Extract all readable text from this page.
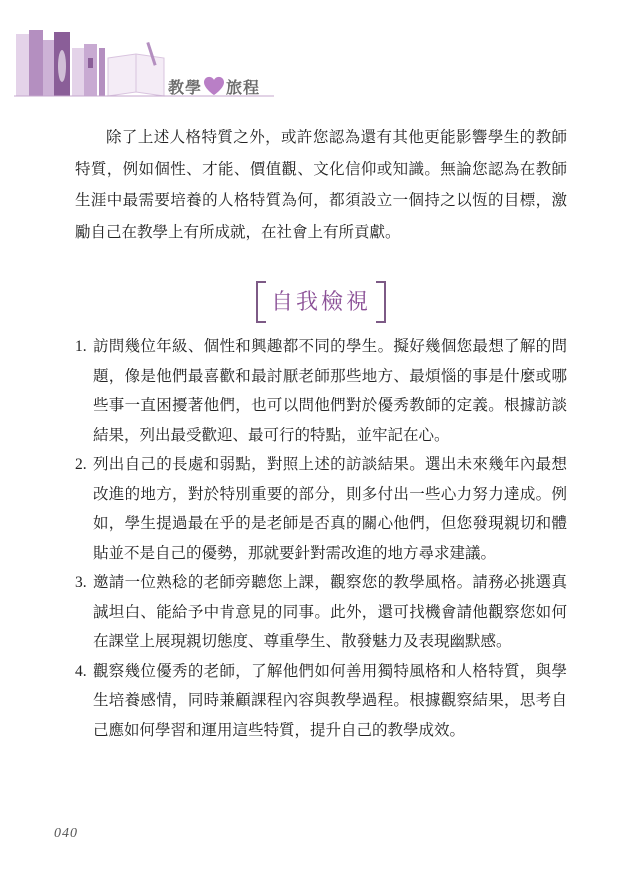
教學 旅程

除了上述人格特質之外，或許您認為還有其他更能影響學生的教師特質，例如個性、才能、價值觀、文化信仰或知識。無論您認為在教師生涯中最需要培養的人格特質為何，都須設立一個持之以恆的目標，激勵自己在教學上有所成就，在社會上有所貢獻。

自我檢視
1. 訪問幾位年級、個性和興趣都不同的學生。擬好幾個您最想了解的問題，像是他們最喜歡和最討厭老師那些地方、最煩惱的事是什麼或哪些事一直困擾著他們，也可以問他們對於優秀教師的定義。根據訪談結果，列出最受歡迎、最可行的特點，並牢記在心。
2. 列出自己的長處和弱點，對照上述的訪談結果。選出未來幾年內最想改進的地方，對於特別重要的部分，則多付出一些心力努力達成。例如，學生提過最在乎的是老師是否真的關心他們，但您發現親切和體貼並不是自己的優勢，那就要針對需改進的地方尋求建議。
3. 邀請一位熟稔的老師旁聽您上課，觀察您的教學風格。請務必挑選真誠坦白、能給予中肯意見的同事。此外，還可找機會請他觀察您如何在課堂上展現親切態度、尊重學生、散發魅力及表現幽默感。
4. 觀察幾位優秀的老師，了解他們如何善用獨特風格和人格特質，與學生培養感情，同時兼顧課程內容與教學過程。根據觀察結果，思考自己應如何學習和運用這些特質，提升自己的教學成效。
040
